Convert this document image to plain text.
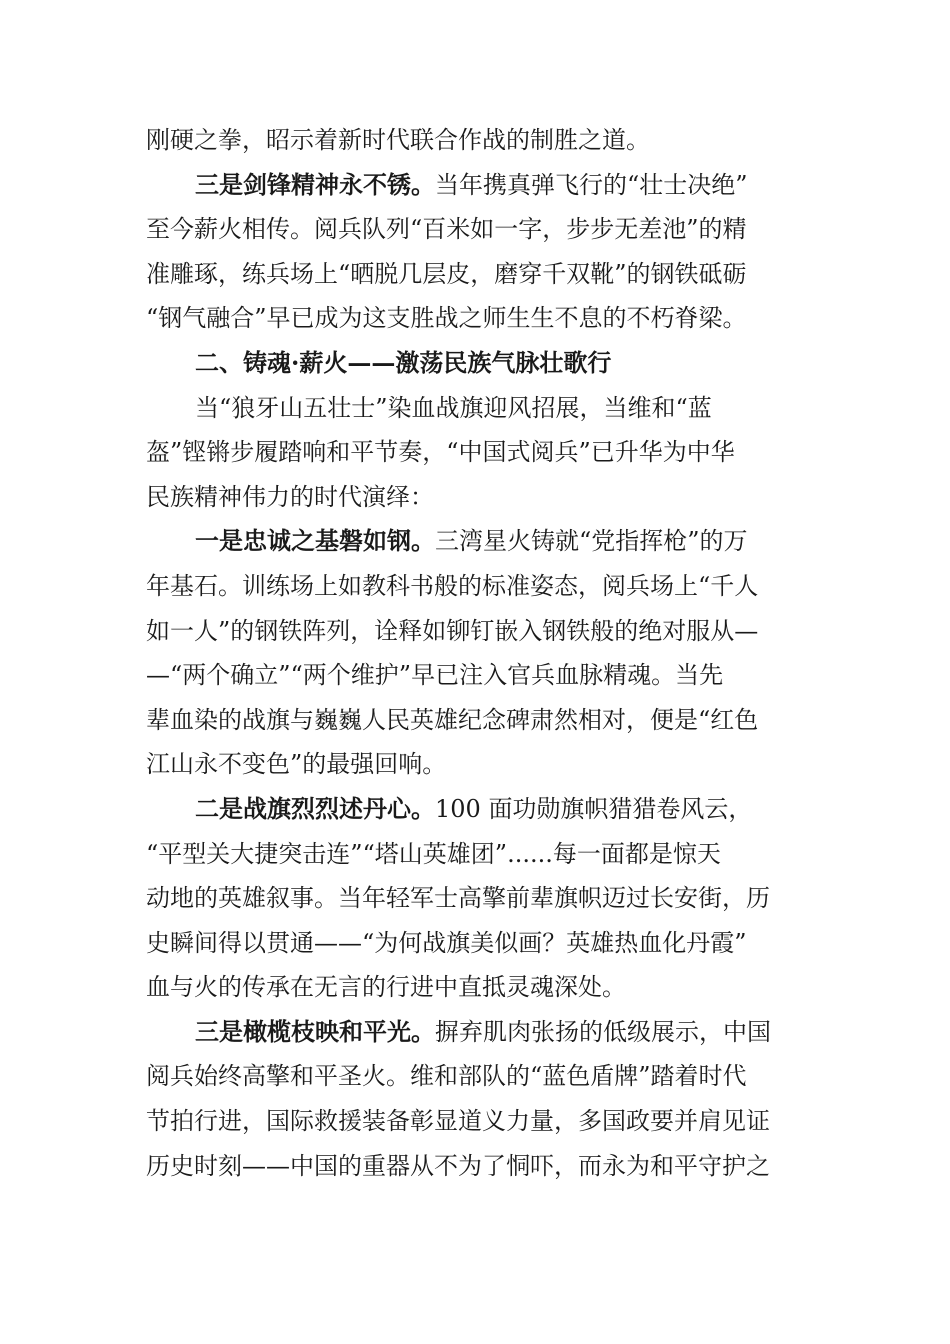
刚硬之拳，昭示着新时代联合作战的制胜之道。
三是剑锋精神永不锈。当年携真弹飞行的“壮士决绝”
至今薪火相传。阅兵队列“百米如一字，步步无差池”的精
准雕琢，练兵场上“晒脱几层皮，磨穿千双靴”的钢铁砥砺
“钢气融合”早已成为这支胜战之师生生不息的不朽脊梁。
二、铸魂·薪火——激荡民族气脉壮歌行
当“狼牙山五壮士”染血战旗迎风招展，当维和“蓝
盔”铿锵步履踏响和平节奏，“中国式阅兵”已升华为中华
民族精神伟力的时代演绎：
一是忠诚之基磐如钢。三湾星火铸就“党指挥枪”的万
年基石。训练场上如教科书般的标准姿态，阅兵场上“千人
如一人”的钢铁阵列，诠释如铆钉嵌入钢铁般的绝对服从—
—“两个确立”“两个维护”早已注入官兵血脉精魂。当先
辈血染的战旗与巍巍人民英雄纪念碑肃然相对，便是“红色
江山永不变色”的最强回响。
二是战旗烈烈述丹心。100 面功勋旗帜猎猎卷风云，
“平型关大捷突击连”“塔山英雄团”......每一面都是惊天
动地的英雄叙事。当年轻军士高擎前辈旗帜迈过长安街，历
史瞬间得以贯通——“为何战旗美似画？英雄热血化丹霞”
血与火的传承在无言的行进中直抵灵魂深处。
三是橄榄枝映和平光。摒弃肌肉张扬的低级展示，中国
阅兵始终高擎和平圣火。维和部队的“蓝色盾牌”踏着时代
节拍行进，国际救援装备彰显道义力量，多国政要并肩见证
历史时刻——中国的重器从不为了恫吓，而永为和平守护之
